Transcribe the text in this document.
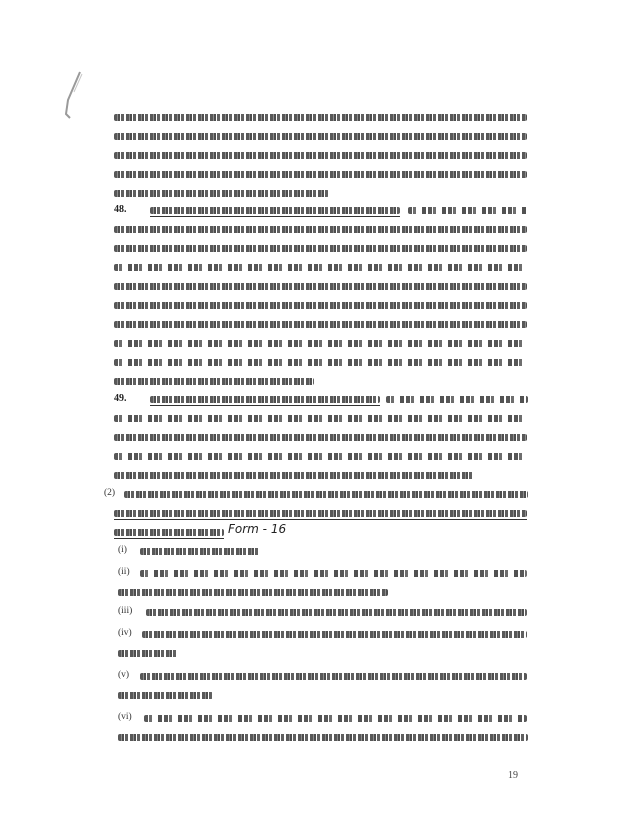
48.
49.
(2)
Form - 16
(i)
(ii)
(iii)
(iv)
(v)
(vi)
19
